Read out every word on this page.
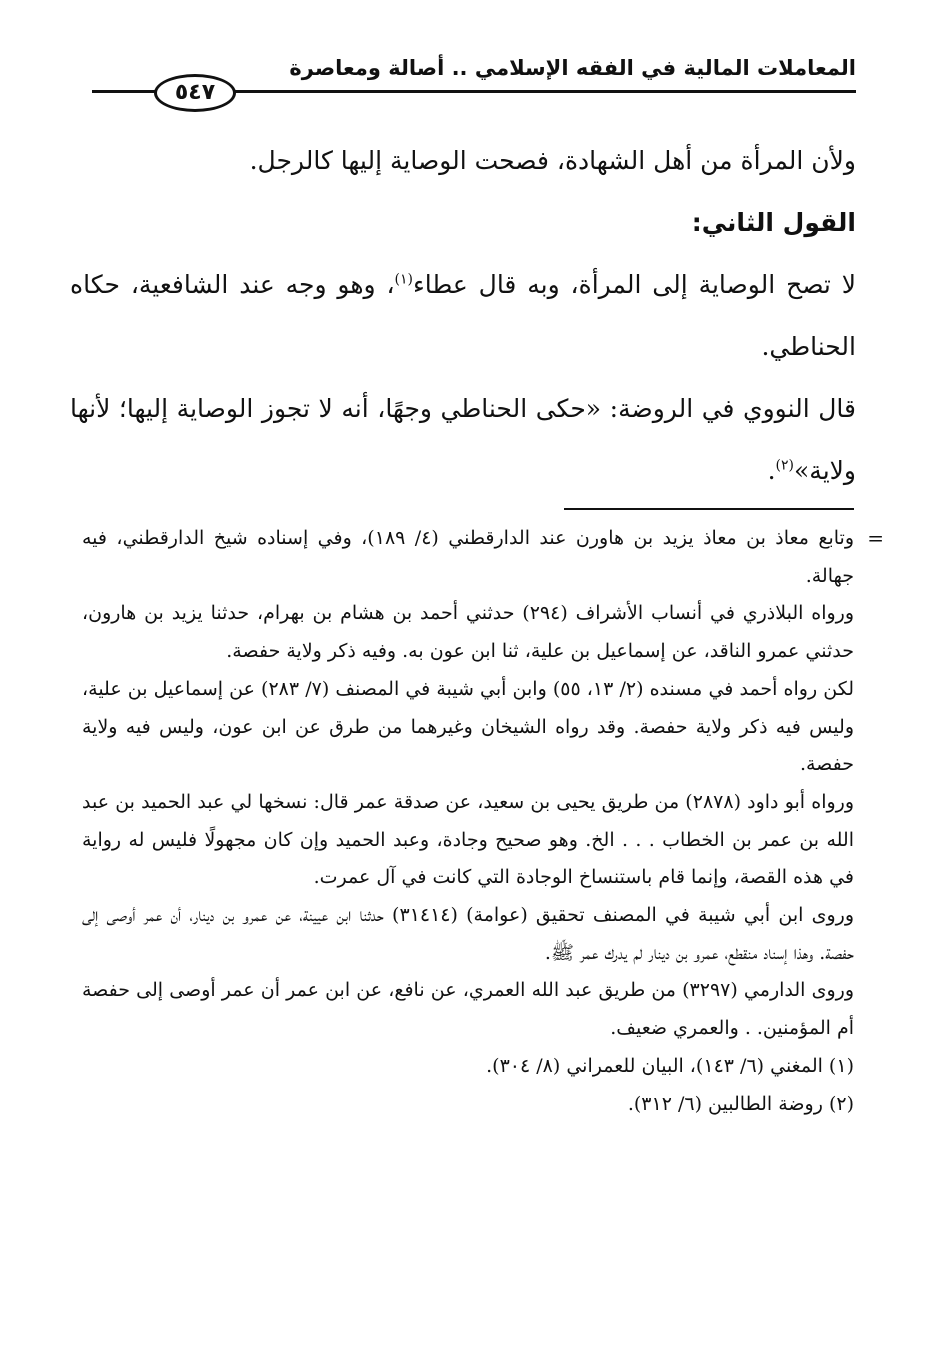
المعاملات المالية في الفقه الإسلامي .. أصالة ومعاصرة
٥٤٧

ولأن المرأة من أهل الشهادة، فصحت الوصاية إليها كالرجل.

القول الثاني:

لا تصح الوصاية إلى المرأة، وبه قال عطاء$^{(١)}$، وهو وجه عند الشافعية، حكاه الحناطي.

قال النووي في الروضة: «حكى الحناطي وجهًا، أنه لا تجوز الوصاية إليها؛ لأنها ولاية»$^{(٢)}$.

=

وتابع معاذ بن معاذ يزيد بن هاورن عند الدارقطني (٤/ ١٨٩)، وفي إسناده شيخ الدارقطني، فيه جهالة.

ورواه البلاذري في أنساب الأشراف (٢٩٤) حدثني أحمد بن هشام بن بهرام، حدثنا يزيد بن هارون، حدثني عمرو الناقد، عن إسماعيل بن علية، ثنا ابن عون به. وفيه ذكر ولاية حفصة.

لكن رواه أحمد في مسنده (٢/ ١٣، ٥٥) وابن أبي شيبة في المصنف (٧/ ٢٨٣) عن إسماعيل بن علية، وليس فيه ذكر ولاية حفصة. وقد رواه الشيخان وغيرهما من طرق عن ابن عون، وليس فيه ولاية حفصة.

ورواه أبو داود (٢٨٧٨) من طريق يحيى بن سعيد، عن صدقة عمر قال: نسخها لي عبد الحميد بن عبد الله بن عمر بن الخطاب . . . الخ. وهو صحيح وجادة، وعبد الحميد وإن كان مجهولًا فليس له رواية في هذه القصة، وإنما قام باستنساخ الوجادة التي كانت في آل عمرت.

وروى ابن أبي شيبة في المصنف تحقيق (عوامة) (٣١٤١٤) حدثنا ابن عيينة، عن عمرو بن دينار، أن عمر أوصى إلى حفصة. وهذا إسناد منقطع، عمرو بن دينار لم يدرك عمر ﷺ.

وروى الدارمي (٣٢٩٧) من طريق عبد الله العمري، عن نافع، عن ابن عمر أن عمر أوصى إلى حفصة أم المؤمنين. . والعمري ضعيف.

(١) المغني (٦/ ١٤٣)، البيان للعمراني (٨/ ٣٠٤).

(٢) روضة الطالبين (٦/ ٣١٢).
